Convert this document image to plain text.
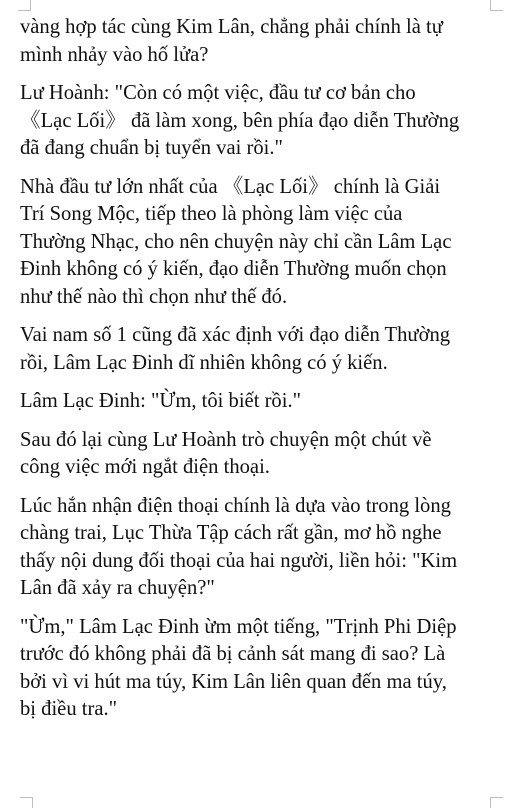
vàng hợp tác cùng Kim Lân, chẳng phải chính là tự
mình nhảy vào hố lửa?

Lư Hoành: "Còn có một việc, đầu tư cơ bản cho
《Lạc Lối》 đã làm xong, bên phía đạo diễn Thường
đã đang chuẩn bị tuyển vai rồi."

Nhà đầu tư lớn nhất của 《Lạc Lối》 chính là Giải
Trí Song Mộc, tiếp theo là phòng làm việc của
Thường Nhạc, cho nên chuyện này chỉ cần Lâm Lạc
Đinh không có ý kiến, đạo diễn Thường muốn chọn
như thế nào thì chọn như thế đó.

Vai nam số 1 cũng đã xác định với đạo diễn Thường
rồi, Lâm Lạc Đinh dĩ nhiên không có ý kiến.

Lâm Lạc Đinh: "Ừm, tôi biết rồi."

Sau đó lại cùng Lư Hoành trò chuyện một chút về
công việc mới ngắt điện thoại.

Lúc hắn nhận điện thoại chính là dựa vào trong lòng
chàng trai, Lục Thừa Tập cách rất gần, mơ hồ nghe
thấy nội dung đối thoại của hai người, liền hỏi: "Kim
Lân đã xảy ra chuyện?"

"Ừm," Lâm Lạc Đinh ừm một tiếng, "Trịnh Phi Diệp
trước đó không phải đã bị cảnh sát mang đi sao? Là
bởi vì vi hút ma túy, Kim Lân liên quan đến ma túy,
bị điều tra."
